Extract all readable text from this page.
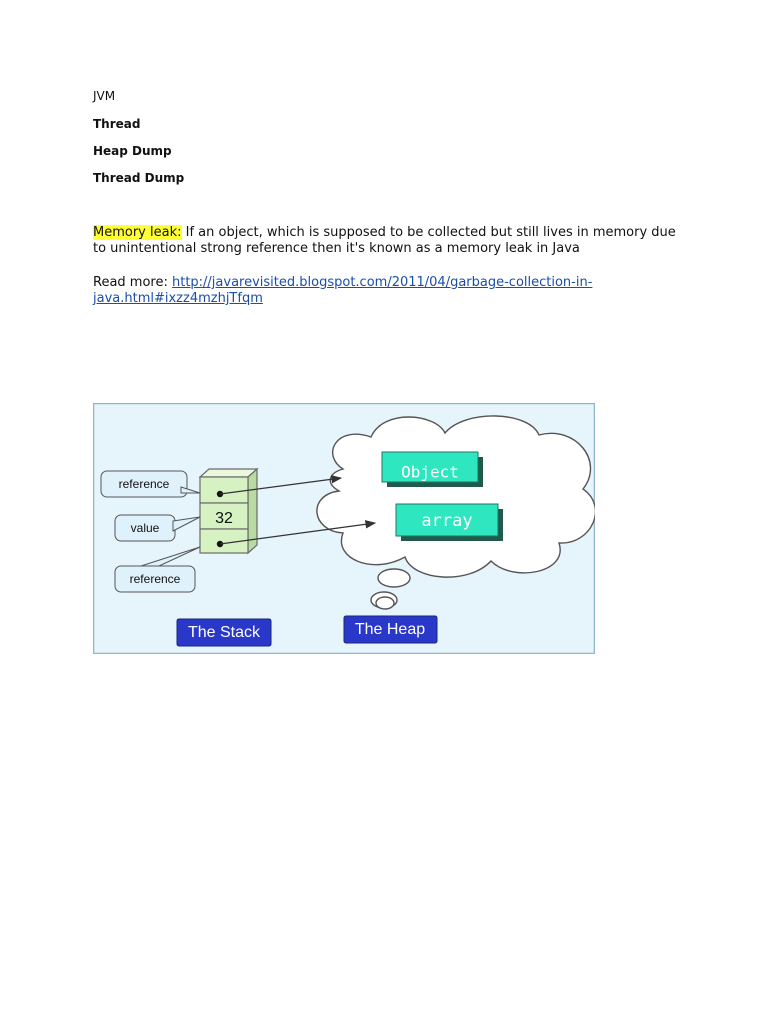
JVM

Thread

Heap Dump

Thread Dump

Memory leak: If an object, which is supposed to be collected but still lives in memory due to unintentional strong reference then it's known as a memory leak in Java

Read more: http://javarevisited.blogspot.com/2011/04/garbage-collection-in-java.html#ixzz4mzhjTfqm

32
reference
value
reference
Object
array
The Stack	The Heap
